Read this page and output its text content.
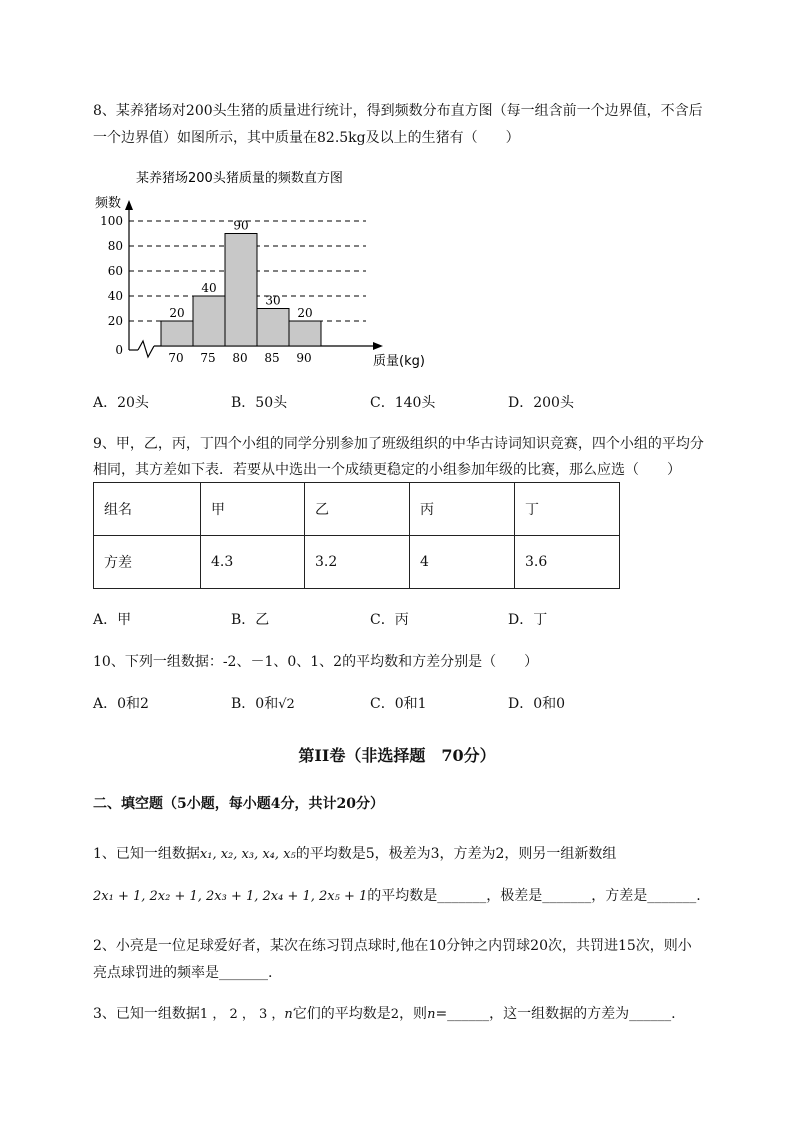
8、某养猪场对200头生猪的质量进行统计，得到频数分布直方图（每一组含前一个边界值，不含后
一个边界值）如图所示，其中质量在82.5kg及以上的生猪有（　　）
某养猪场200头猪质量的频数直方图
频数
质量(kg)
0
20
40
60
80
100
20
40
90
30
20
70 75 80 85 90
A．20头	B．50头	C．140头	D．200头
9、甲，乙，丙，丁四个小组的同学分别参加了班级组织的中华古诗词知识竞赛，四个小组的平均分
相同，其方差如下表．若要从中选出一个成绩更稳定的小组参加年级的比赛，那么应选（　　）
组名	甲	乙	丙	丁
方差	4.3	3.2	4	3.6
A．甲	B．乙	C．丙	D．丁
10、下列一组数据：-2、－1、0、1、2的平均数和方差分别是（　　）
A．0和2	B．0和√2	C．0和1	D．0和0
第II卷（非选择题　70分）
二、填空题（5小题，每小题4分，共计20分）
1、已知一组数据x₁, x₂, x₃, x₄, x₅的平均数是5，极差为3，方差为2，则另一组新数组
2x₁ + 1, 2x₂ + 1, 2x₃ + 1, 2x₄ + 1, 2x₅ + 1的平均数是_______，极差是_______，方差是_______.
2、小亮是一位足球爱好者，某次在练习罚点球时,他在10分钟之内罚球20次，共罚进15次，则小
亮点球罚进的频率是_______.
3、已知一组数据1 ， 2 ， 3 ，n它们的平均数是2，则n=______，这一组数据的方差为______.
